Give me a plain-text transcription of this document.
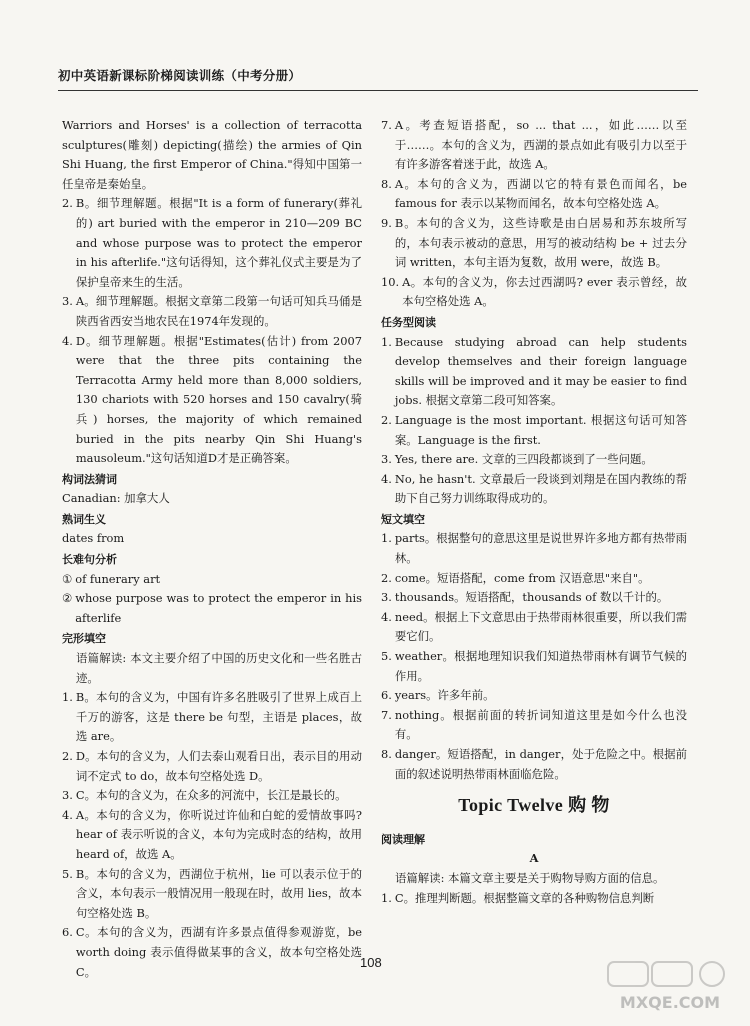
初中英语新课标阶梯阅读训练（中考分册）
Warriors and Horses' is a collection of terracotta sculptures(雕刻) depicting(描绘) the armies of Qin Shi Huang, the first Emperor of China."得知中国第一任皇帝是秦始皇。
2. B。细节理解题。根据"It is a form of funerary(葬礼的) art buried with the emperor in 210—209 BC and whose purpose was to protect the emperor in his afterlife."这句话得知，这个葬礼仪式主要是为了保护皇帝来生的生活。
3. A。细节理解题。根据文章第二段第一句话可知兵马俑是陕西省西安当地农民在1974年发现的。
4. D。细节理解题。根据"Estimates(估计) from 2007 were that the three pits containing the Terracotta Army held more than 8,000 soldiers, 130 chariots with 520 horses and 150 cavalry(骑兵) horses, the majority of which remained buried in the pits nearby Qin Shi Huang's mausoleum."这句话知道D才是正确答案。
构词法猜词
Canadian: 加拿大人
熟词生义
dates from
长难句分析
① of funerary art
② whose purpose was to protect the emperor in his afterlife
完形填空
语篇解读: 本文主要介绍了中国的历史文化和一些名胜古迹。
1. B。本句的含义为，中国有许多名胜吸引了世界上成百上千万的游客，这是 there be 句型，主语是 places，故选 are。
2. D。本句的含义为，人们去泰山观看日出，表示目的用动词不定式 to do，故本句空格处选 D。
3. C。本句的含义为，在众多的河流中，长江是最长的。
4. A。本句的含义为，你听说过许仙和白蛇的爱情故事吗? hear of 表示听说的含义，本句为完成时态的结构，故用 heard of，故选 A。
5. B。本句的含义为，西湖位于杭州，lie 可以表示位于的含义，本句表示一般情况用一般现在时，故用 lies，故本句空格处选 B。
6. C。本句的含义为，西湖有许多景点值得参观游览，be worth doing 表示值得做某事的含义，故本句空格处选 C。
7. A。考查短语搭配，so ... that ...，如此……以至于……。本句的含义为，西湖的景点如此有吸引力以至于有许多游客着迷于此，故选 A。
8. A。本句的含义为，西湖以它的特有景色而闻名，be famous for 表示以某物而闻名，故本句空格处选 A。
9. B。本句的含义为，这些诗歌是由白居易和苏东坡所写的，本句表示被动的意思，用写的被动结构 be + 过去分词 written，本句主语为复数，故用 were，故选 B。
10. A。本句的含义为，你去过西湖吗? ever 表示曾经，故本句空格处选 A。
任务型阅读
1. Because studying abroad can help students develop themselves and their foreign language skills will be improved and it may be easier to find jobs. 根据文章第二段可知答案。
2. Language is the most important. 根据这句话可知答案。Language is the first.
3. Yes, there are. 文章的三四段都谈到了一些问题。
4. No, he hasn't. 文章最后一段谈到刘翔是在国内教练的帮助下自己努力训练取得成功的。
短文填空
1. parts。根据整句的意思这里是说世界许多地方都有热带雨林。
2. come。短语搭配，come from 汉语意思"来自"。
3. thousands。短语搭配，thousands of 数以千计的。
4. need。根据上下文意思由于热带雨林很重要，所以我们需要它们。
5. weather。根据地理知识我们知道热带雨林有调节气候的作用。
6. years。许多年前。
7. nothing。根据前面的转折词知道这里是如今什么也没有。
8. danger。短语搭配，in danger，处于危险之中。根据前面的叙述说明热带雨林面临危险。
Topic Twelve 购 物
阅读理解
A
语篇解读: 本篇文章主要是关于购物导购方面的信息。
1. C。推理判断题。根据整篇文章的各种购物信息判断
108
MXQE.COM
